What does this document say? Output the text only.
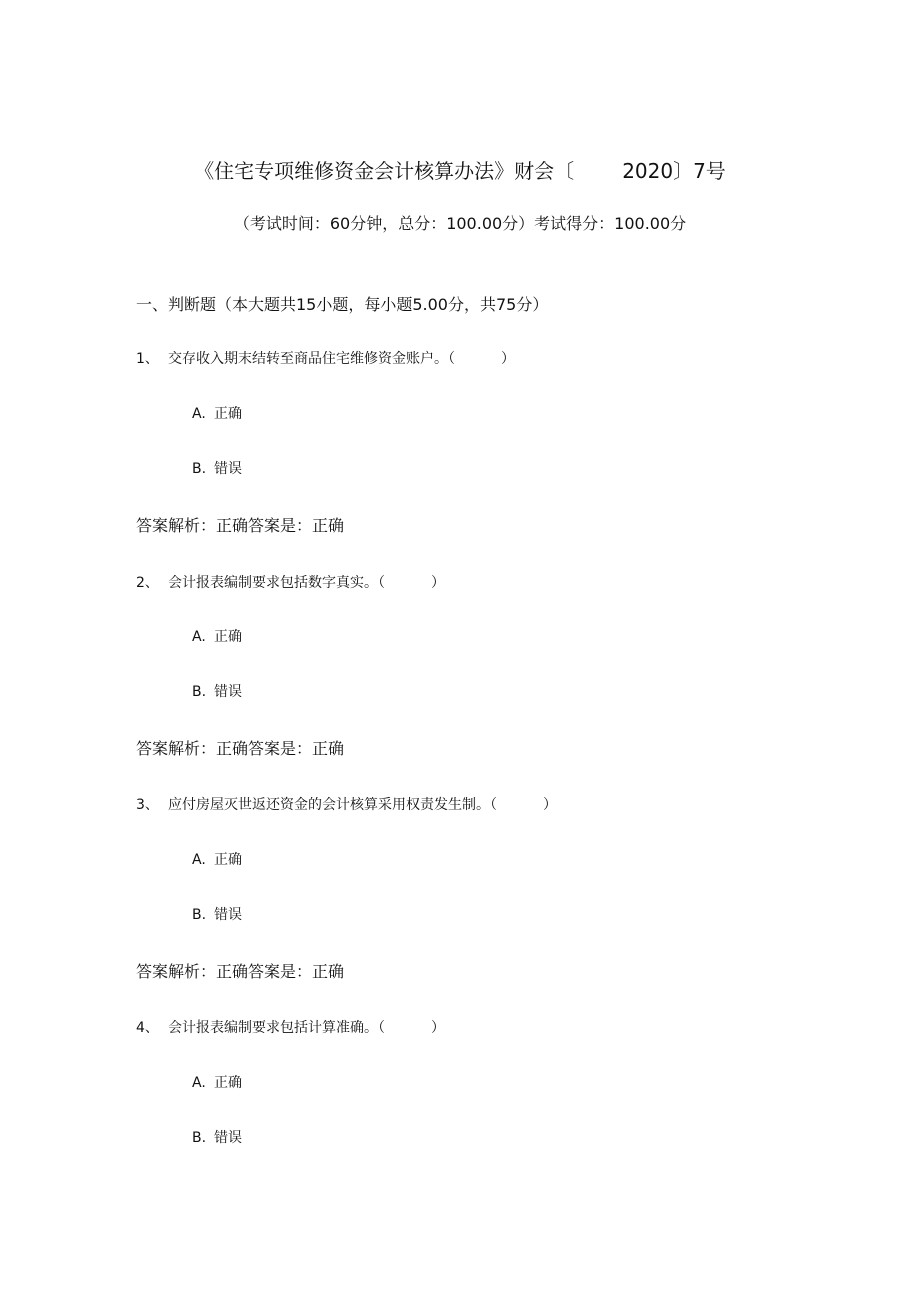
《住宅专项维修资金会计核算办法》财会〔 2020〕7号
（考试时间：60分钟，总分：100.00分）考试得分：100.00分
一、判断题（本大题共15小题，每小题5.00分，共75分）
1、 交存收入期末结转至商品住宅维修资金账户。（	）
A. 正确
B. 错误
答案解析：正确答案是：正确
2、 会计报表编制要求包括数字真实。（	）
A. 正确
B. 错误
答案解析：正确答案是：正确
3、 应付房屋灭世返还资金的会计核算采用权责发生制。（	）
A. 正确
B. 错误
答案解析：正确答案是：正确
4、 会计报表编制要求包括计算准确。（	）
A. 正确
B. 错误
